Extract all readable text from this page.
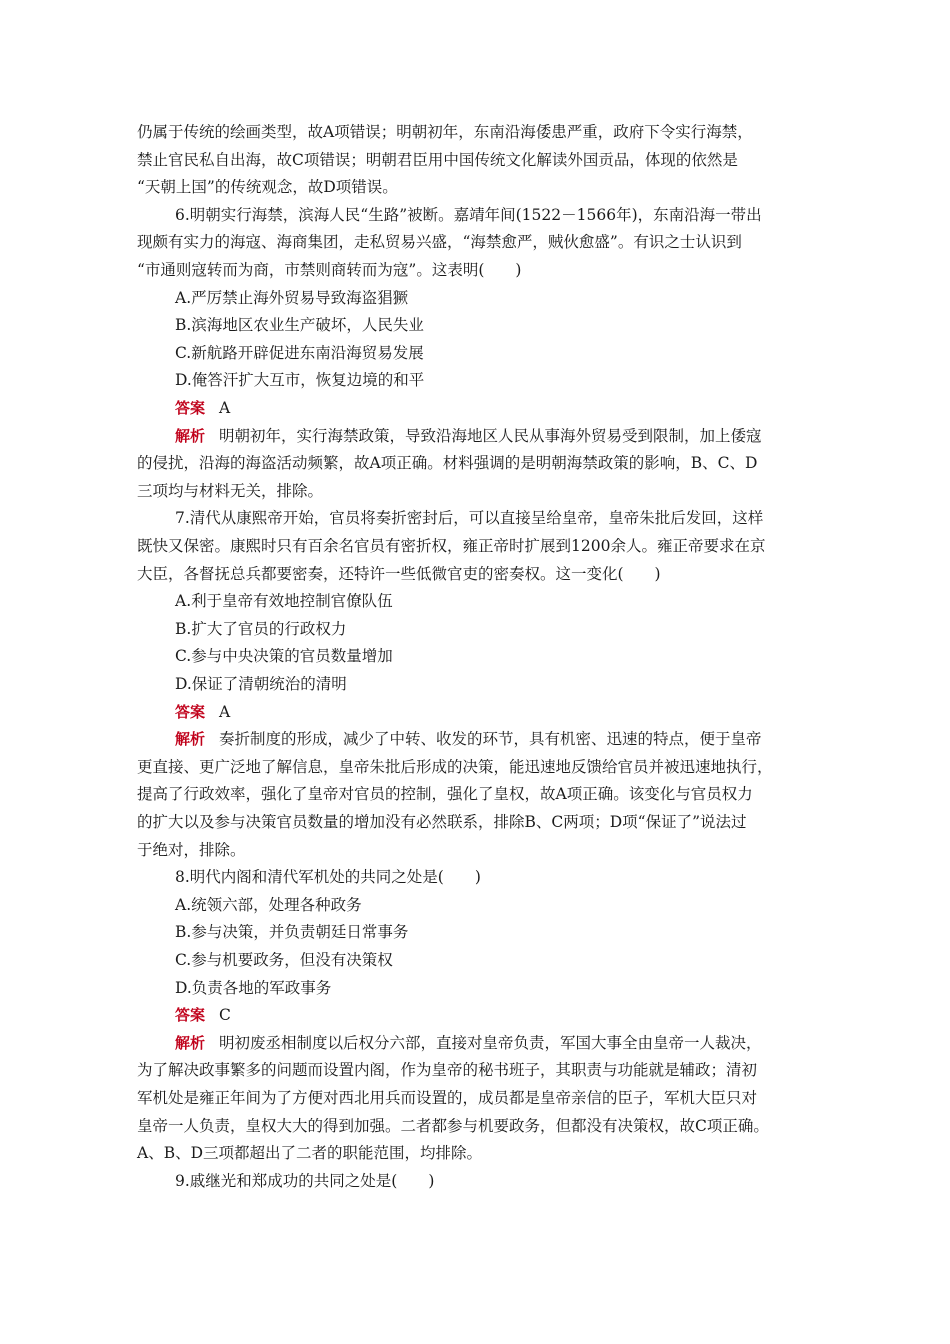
仍属于传统的绘画类型，故A项错误；明朝初年，东南沿海倭患严重，政府下令实行海禁，
禁止官民私自出海，故C项错误；明朝君臣用中国传统文化解读外国贡品，体现的依然是
“天朝上国”的传统观念，故D项错误。
6.明朝实行海禁，滨海人民“生路”被断。嘉靖年间(1522－1566年)，东南沿海一带出
现颇有实力的海寇、海商集团，走私贸易兴盛，“海禁愈严，贼伙愈盛”。有识之士认识到
“市通则寇转而为商，市禁则商转而为寇”。这表明(　　)
A.严厉禁止海外贸易导致海盗猖獗
B.滨海地区农业生产破坏，人民失业
C.新航路开辟促进东南沿海贸易发展
D.俺答汗扩大互市，恢复边境的和平
答案 A
解析 明朝初年，实行海禁政策，导致沿海地区人民从事海外贸易受到限制，加上倭寇
的侵扰，沿海的海盗活动频繁，故A项正确。材料强调的是明朝海禁政策的影响，B、C、D
三项均与材料无关，排除。
7.清代从康熙帝开始，官员将奏折密封后，可以直接呈给皇帝，皇帝朱批后发回，这样
既快又保密。康熙时只有百余名官员有密折权，雍正帝时扩展到1200余人。雍正帝要求在京
大臣，各督抚总兵都要密奏，还特许一些低微官吏的密奏权。这一变化(　　)
A.利于皇帝有效地控制官僚队伍
B.扩大了官员的行政权力
C.参与中央决策的官员数量增加
D.保证了清朝统治的清明
答案 A
解析 奏折制度的形成，减少了中转、收发的环节，具有机密、迅速的特点，便于皇帝
更直接、更广泛地了解信息，皇帝朱批后形成的决策，能迅速地反馈给官员并被迅速地执行，
提高了行政效率，强化了皇帝对官员的控制，强化了皇权，故A项正确。该变化与官员权力
的扩大以及参与决策官员数量的增加没有必然联系，排除B、C两项；D项“保证了”说法过
于绝对，排除。
8.明代内阁和清代军机处的共同之处是(　　)
A.统领六部，处理各种政务
B.参与决策，并负责朝廷日常事务
C.参与机要政务，但没有决策权
D.负责各地的军政事务
答案 C
解析 明初废丞相制度以后权分六部，直接对皇帝负责，军国大事全由皇帝一人裁决，
为了解决政事繁多的问题而设置内阁，作为皇帝的秘书班子，其职责与功能就是辅政；清初
军机处是雍正年间为了方便对西北用兵而设置的，成员都是皇帝亲信的臣子，军机大臣只对
皇帝一人负责，皇权大大的得到加强。二者都参与机要政务，但都没有决策权，故C项正确。
A、B、D三项都超出了二者的职能范围，均排除。
9.戚继光和郑成功的共同之处是(　　)
